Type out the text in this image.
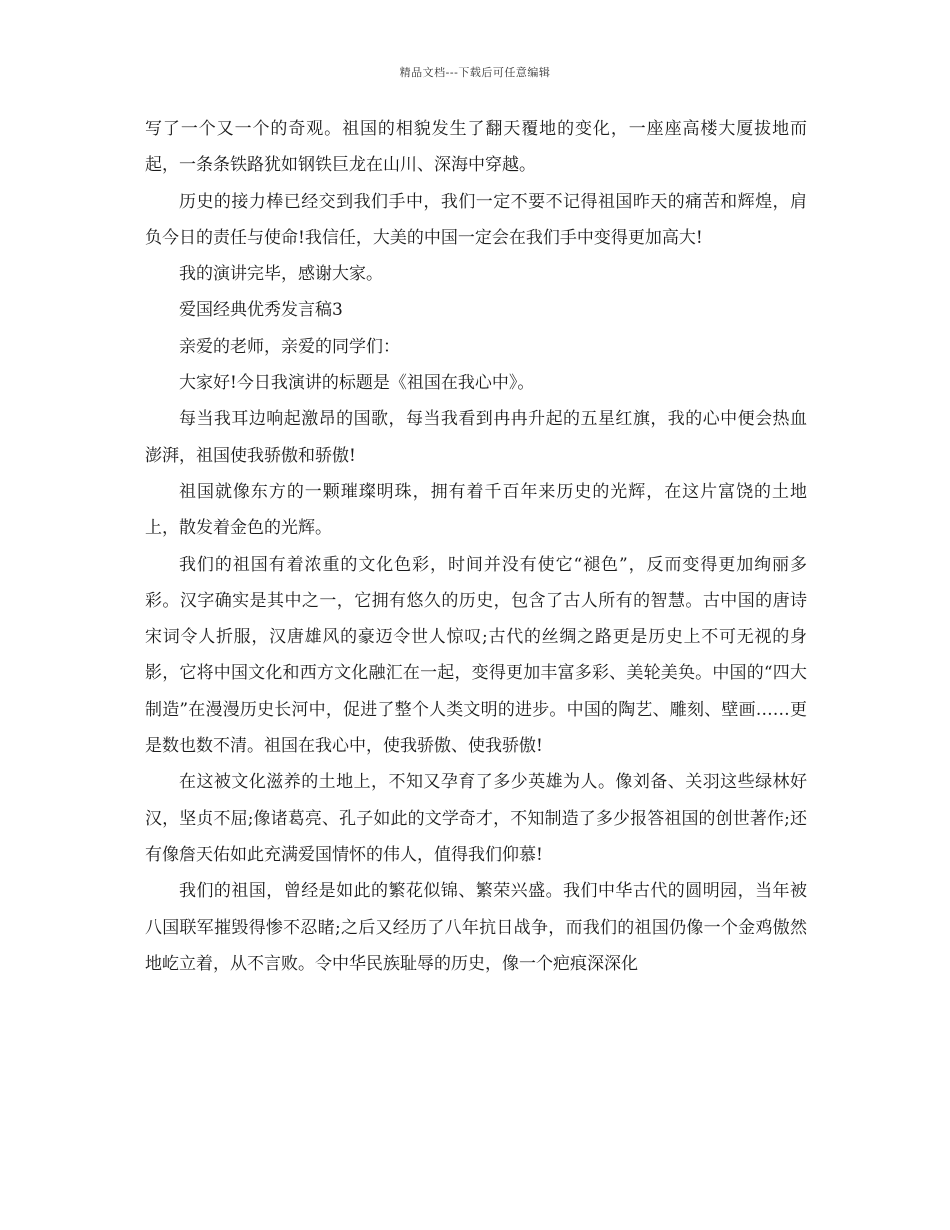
精品文档---下载后可任意编辑

写了一个又一个的奇观。祖国的相貌发生了翻天覆地的变化，一座座高楼大厦拔地而起，一条条铁路犹如钢铁巨龙在山川、深海中穿越。

历史的接力棒已经交到我们手中，我们一定不要不记得祖国昨天的痛苦和辉煌，肩负今日的责任与使命!我信任，大美的中国一定会在我们手中变得更加高大!

我的演讲完毕，感谢大家。

爱国经典优秀发言稿3

亲爱的老师，亲爱的同学们：

大家好!今日我演讲的标题是《祖国在我心中》。

每当我耳边响起激昂的国歌，每当我看到冉冉升起的五星红旗，我的心中便会热血澎湃，祖国使我骄傲和骄傲!

祖国就像东方的一颗璀璨明珠，拥有着千百年来历史的光辉，在这片富饶的土地上，散发着金色的光辉。

我们的祖国有着浓重的文化色彩，时间并没有使它“褪色”，反而变得更加绚丽多彩。汉字确实是其中之一，它拥有悠久的历史，包含了古人所有的智慧。古中国的唐诗宋词令人折服，汉唐雄风的豪迈令世人惊叹;古代的丝绸之路更是历史上不可无视的身影，它将中国文化和西方文化融汇在一起，变得更加丰富多彩、美轮美奂。中国的“四大制造”在漫漫历史长河中，促进了整个人类文明的进步。中国的陶艺、雕刻、壁画……更是数也数不清。祖国在我心中，使我骄傲、使我骄傲!

在这被文化滋养的土地上，不知又孕育了多少英雄为人。像刘备、关羽这些绿林好汉，坚贞不屈;像诸葛亮、孔子如此的文学奇才，不知制造了多少报答祖国的创世著作;还有像詹天佑如此充满爱国情怀的伟人，值得我们仰慕!

我们的祖国，曾经是如此的繁花似锦、繁荣兴盛。我们中华古代的圆明园，当年被八国联军摧毁得惨不忍睹;之后又经历了八年抗日战争，而我们的祖国仍像一个金鸡傲然地屹立着，从不言败。令中华民族耻辱的历史，像一个疤痕深深化
